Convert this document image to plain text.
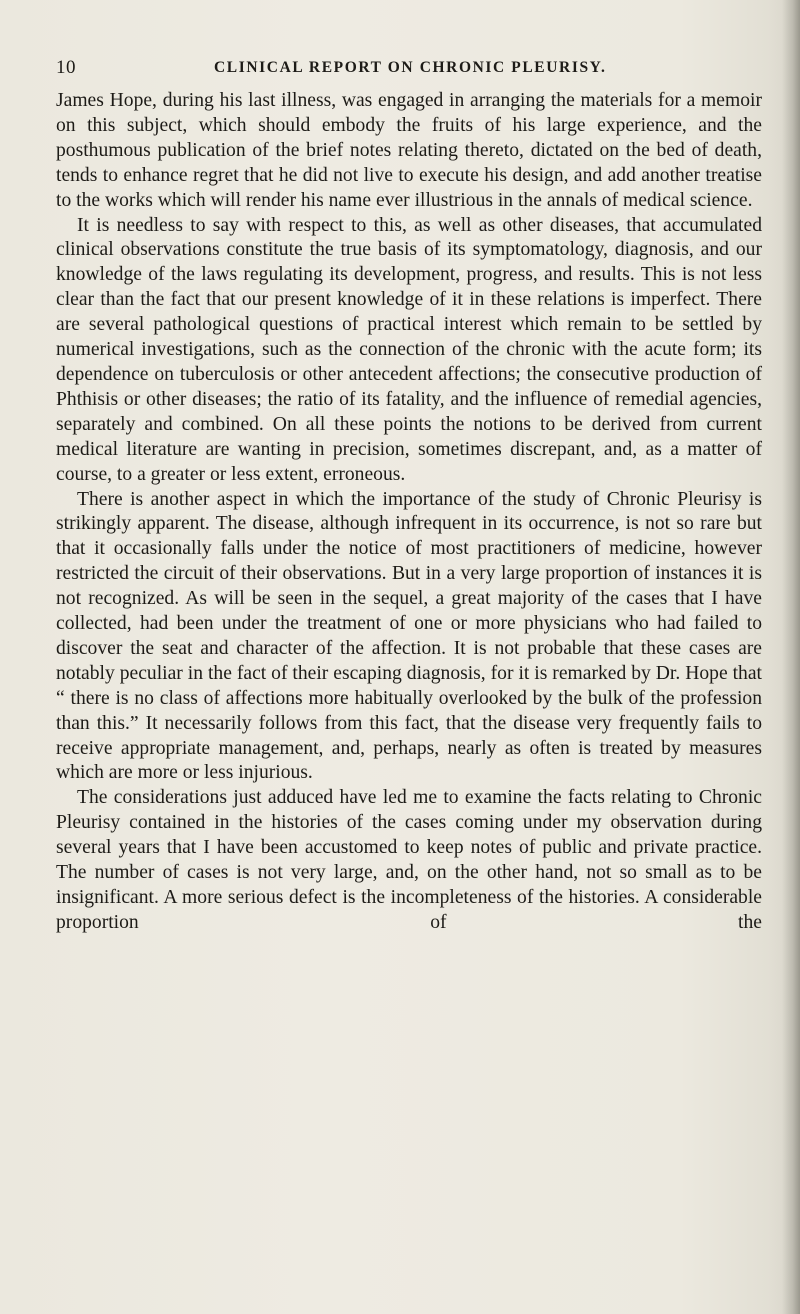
10	CLINICAL REPORT ON CHRONIC PLEURISY.

James Hope, during his last illness, was engaged in arranging the materials for a memoir on this subject, which should embody the fruits of his large experience, and the posthumous publication of the brief notes relating thereto, dictated on the bed of death, tends to enhance regret that he did not live to execute his design, and add another treatise to the works which will render his name ever illustrious in the annals of medical science.

It is needless to say with respect to this, as well as other diseases, that accumulated clinical observations constitute the true basis of its symptomatology, diagnosis, and our knowledge of the laws regulating its development, progress, and results. This is not less clear than the fact that our present knowledge of it in these relations is imperfect. There are several pathological questions of practical interest which remain to be settled by numerical investigations, such as the connection of the chronic with the acute form; its dependence on tuberculosis or other antecedent affections; the consecutive production of Phthisis or other diseases; the ratio of its fatality, and the influence of remedial agencies, separately and combined. On all these points the notions to be derived from current medical literature are wanting in precision, sometimes discrepant, and, as a matter of course, to a greater or less extent, erroneous.

There is another aspect in which the importance of the study of Chronic Pleurisy is strikingly apparent. The disease, although infrequent in its occurrence, is not so rare but that it occasionally falls under the notice of most practitioners of medicine, however restricted the circuit of their observations. But in a very large proportion of instances it is not recognized. As will be seen in the sequel, a great majority of the cases that I have collected, had been under the treatment of one or more physicians who had failed to discover the seat and character of the affection. It is not probable that these cases are notably peculiar in the fact of their escaping diagnosis, for it is remarked by Dr. Hope that “ there is no class of affections more habitually overlooked by the bulk of the profession than this.” It necessarily follows from this fact, that the disease very frequently fails to receive appropriate management, and, perhaps, nearly as often is treated by measures which are more or less injurious.

The considerations just adduced have led me to examine the facts relating to Chronic Pleurisy contained in the histories of the cases coming under my observation during several years that I have been accustomed to keep notes of public and private practice. The number of cases is not very large, and, on the other hand, not so small as to be insignificant. A more serious defect is the incompleteness of the histories. A considerable proportion of the
